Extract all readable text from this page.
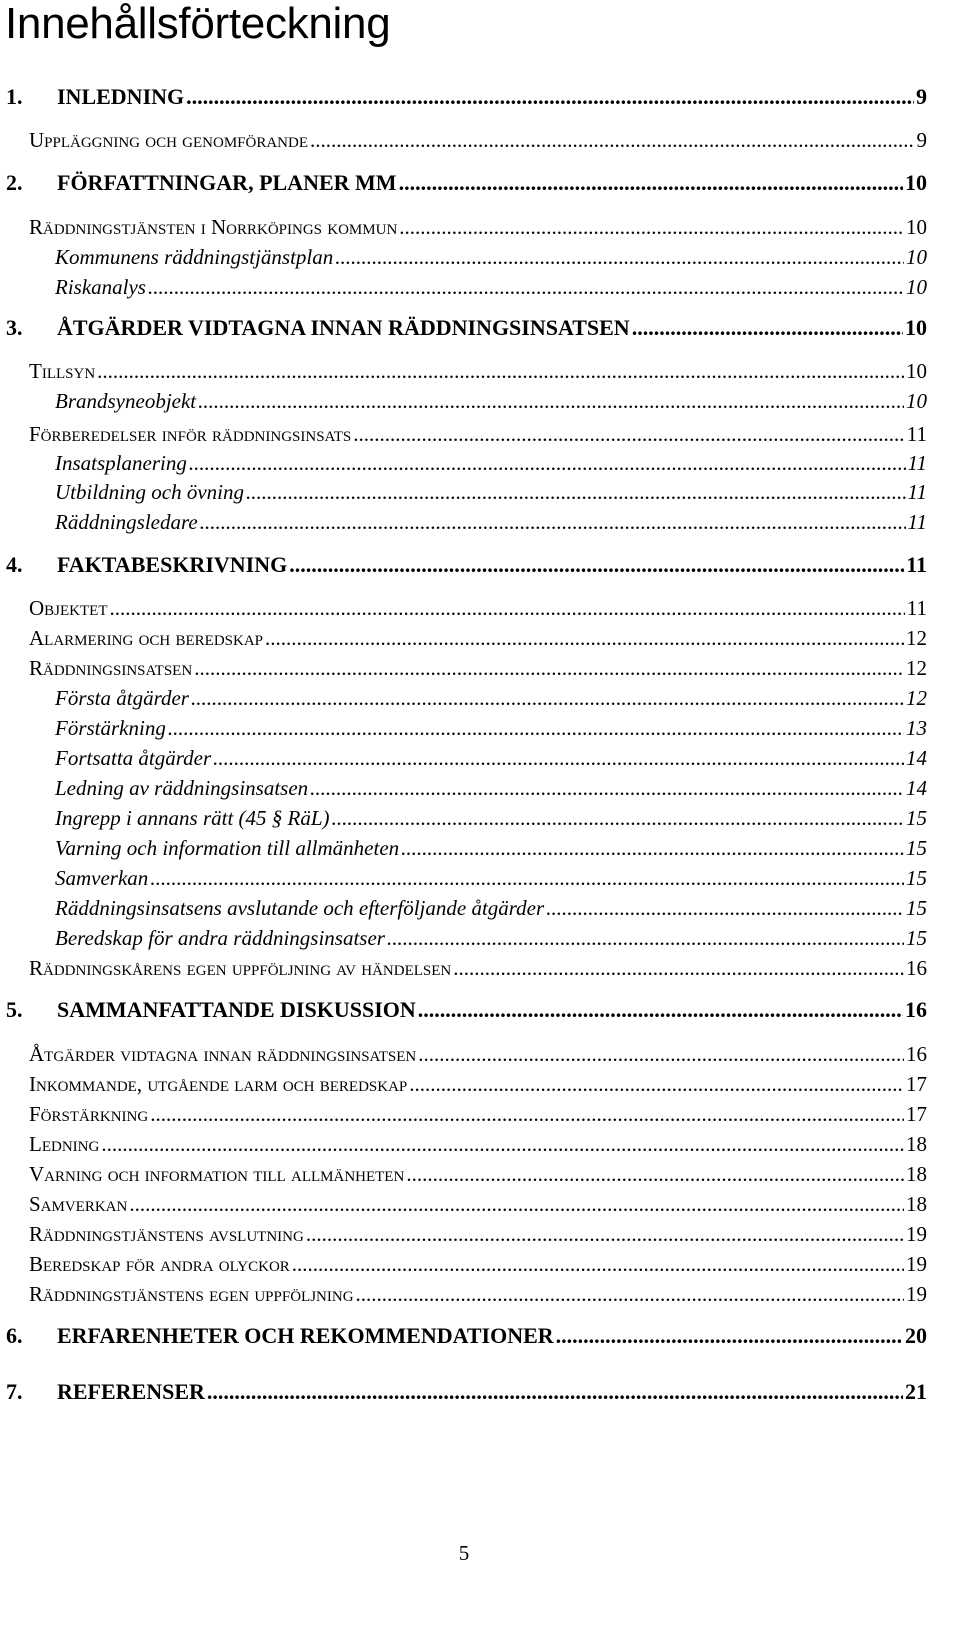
Innehållsförteckning
1. INLEDNING .....	9
Uppläggning och genomförande .....	9
2. FÖRFATTNINGAR, PLANER MM .....	10
Räddningstjänsten i Norrköpings kommun .....	10
Kommunens räddningstjänstplan .....	10
Riskanalys .....	10
3. ÅTGÄRDER VIDTAGNA INNAN RÄDDNINGSINSATSEN .....	10
Tillsyn .....	10
Brandsyneobjekt .....	10
Förberedelser inför räddningsinsats .....	11
Insatsplanering .....	11
Utbildning och övning .....	11
Räddningsledare .....	11
4. FAKTABESKRIVNING .....	11
Objektet .....	11
Alarmering och beredskap .....	12
Räddningsinsatsen .....	12
Första åtgärder .....	12
Förstärkning .....	13
Fortsatta åtgärder .....	14
Ledning av räddningsinsatsen .....	14
Ingrepp i annans rätt (45 § RäL) .....	15
Varning och information till allmänheten .....	15
Samverkan .....	15
Räddningsinsatsens avslutande och efterföljande åtgärder .....	15
Beredskap för andra räddningsinsatser .....	15
Räddningskårens egen uppföljning av händelsen .....	16
5. SAMMANFATTANDE DISKUSSION .....	16
Åtgärder vidtagna innan räddningsinsatsen .....	16
Inkommande, utgående larm och beredskap .....	17
Förstärkning .....	17
Ledning .....	18
Varning och information till allmänheten .....	18
Samverkan .....	18
Räddningstjänstens avslutning .....	19
Beredskap för andra olyckor .....	19
Räddningstjänstens egen uppföljning .....	19
6. ERFARENHETER OCH REKOMMENDATIONER .....	20
7. REFERENSER .....	21
5
